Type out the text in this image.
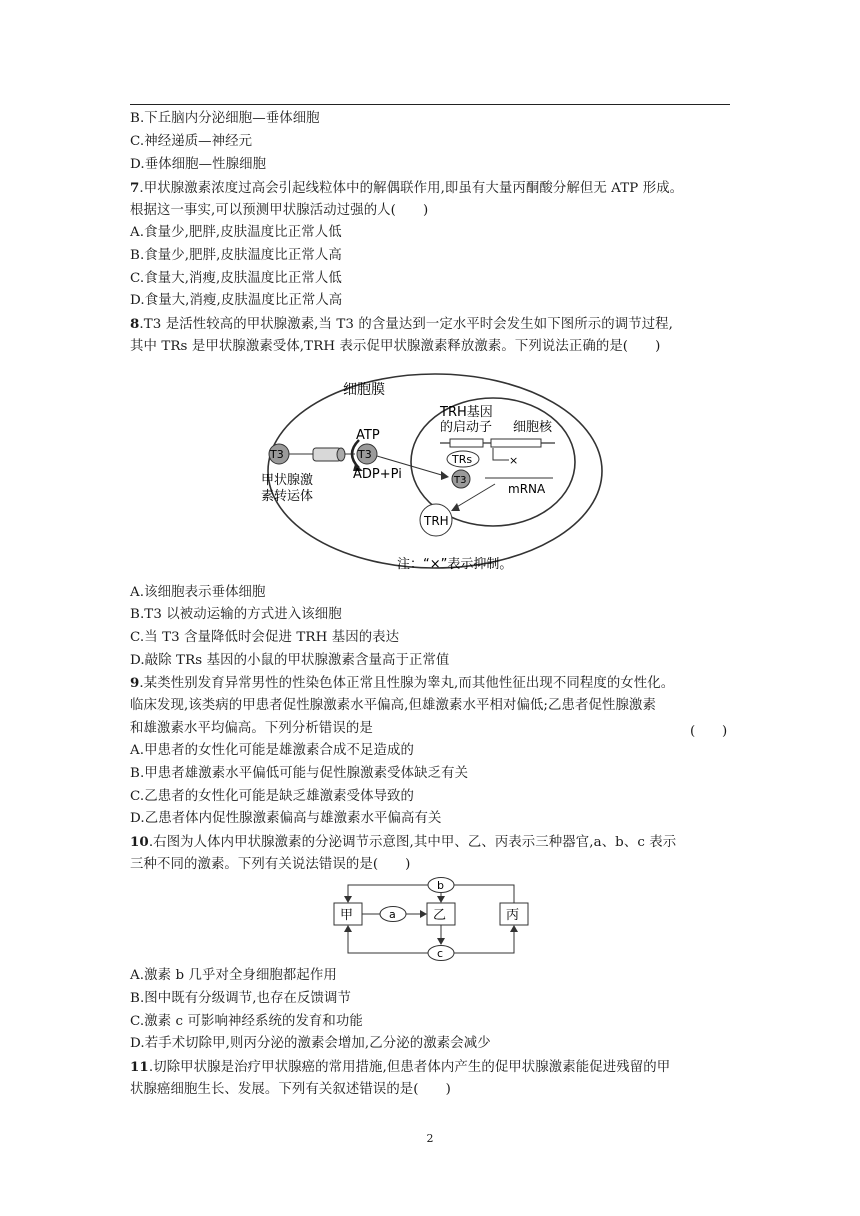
B.下丘脑内分泌细胞—垂体细胞
C.神经递质—神经元
D.垂体细胞—性腺细胞
7.甲状腺激素浓度过高会引起线粒体中的解偶联作用,即虽有大量丙酮酸分解但无 ATP 形成。
根据这一事实,可以预测甲状腺活动过强的人(　　)
A.食量少,肥胖,皮肤温度比正常人低
B.食量少,肥胖,皮肤温度比正常人高
C.食量大,消瘦,皮肤温度比正常人低
D.食量大,消瘦,皮肤温度比正常人高
8.T3 是活性较高的甲状腺激素,当 T3 的含量达到一定水平时会发生如下图所示的调节过程,
其中 TRs 是甲状腺激素受体,TRH 表示促甲状腺激素释放激素。下列说法正确的是(　　)
细胞膜
TRH基因
的启动子 细胞核
×
TRs
mRNA
T3
T3
甲状腺激
素转运体
T3
ATP
ADP+Pi
TRH
注：“×”表示抑制。
A.该细胞表示垂体细胞
B.T3 以被动运输的方式进入该细胞
C.当 T3 含量降低时会促进 TRH 基因的表达
D.敲除 TRs 基因的小鼠的甲状腺激素含量高于正常值
9.某类性别发育异常男性的性染色体正常且性腺为睾丸,而其他性征出现不同程度的女性化。
临床发现,该类病的甲患者促性腺激素水平偏高,但雄激素水平相对偏低;乙患者促性腺激素
和雄激素水平均偏高。下列分析错误的是	(　　)
A.甲患者的女性化可能是雄激素合成不足造成的
B.甲患者雄激素水平偏低可能与促性腺激素受体缺乏有关
C.乙患者的女性化可能是缺乏雄激素受体导致的
D.乙患者体内促性腺激素偏高与雄激素水平偏高有关
10.右图为人体内甲状腺激素的分泌调节示意图,其中甲、乙、丙表示三种器官,a、b、c 表示
三种不同的激素。下列有关说法错误的是(　　)
甲	乙	丙
a
b
c
A.激素 b 几乎对全身细胞都起作用
B.图中既有分级调节,也存在反馈调节
C.激素 c 可影响神经系统的发育和功能
D.若手术切除甲,则丙分泌的激素会增加,乙分泌的激素会减少
11.切除甲状腺是治疗甲状腺癌的常用措施,但患者体内产生的促甲状腺激素能促进残留的甲
状腺癌细胞生长、发展。下列有关叙述错误的是(　　)
2
